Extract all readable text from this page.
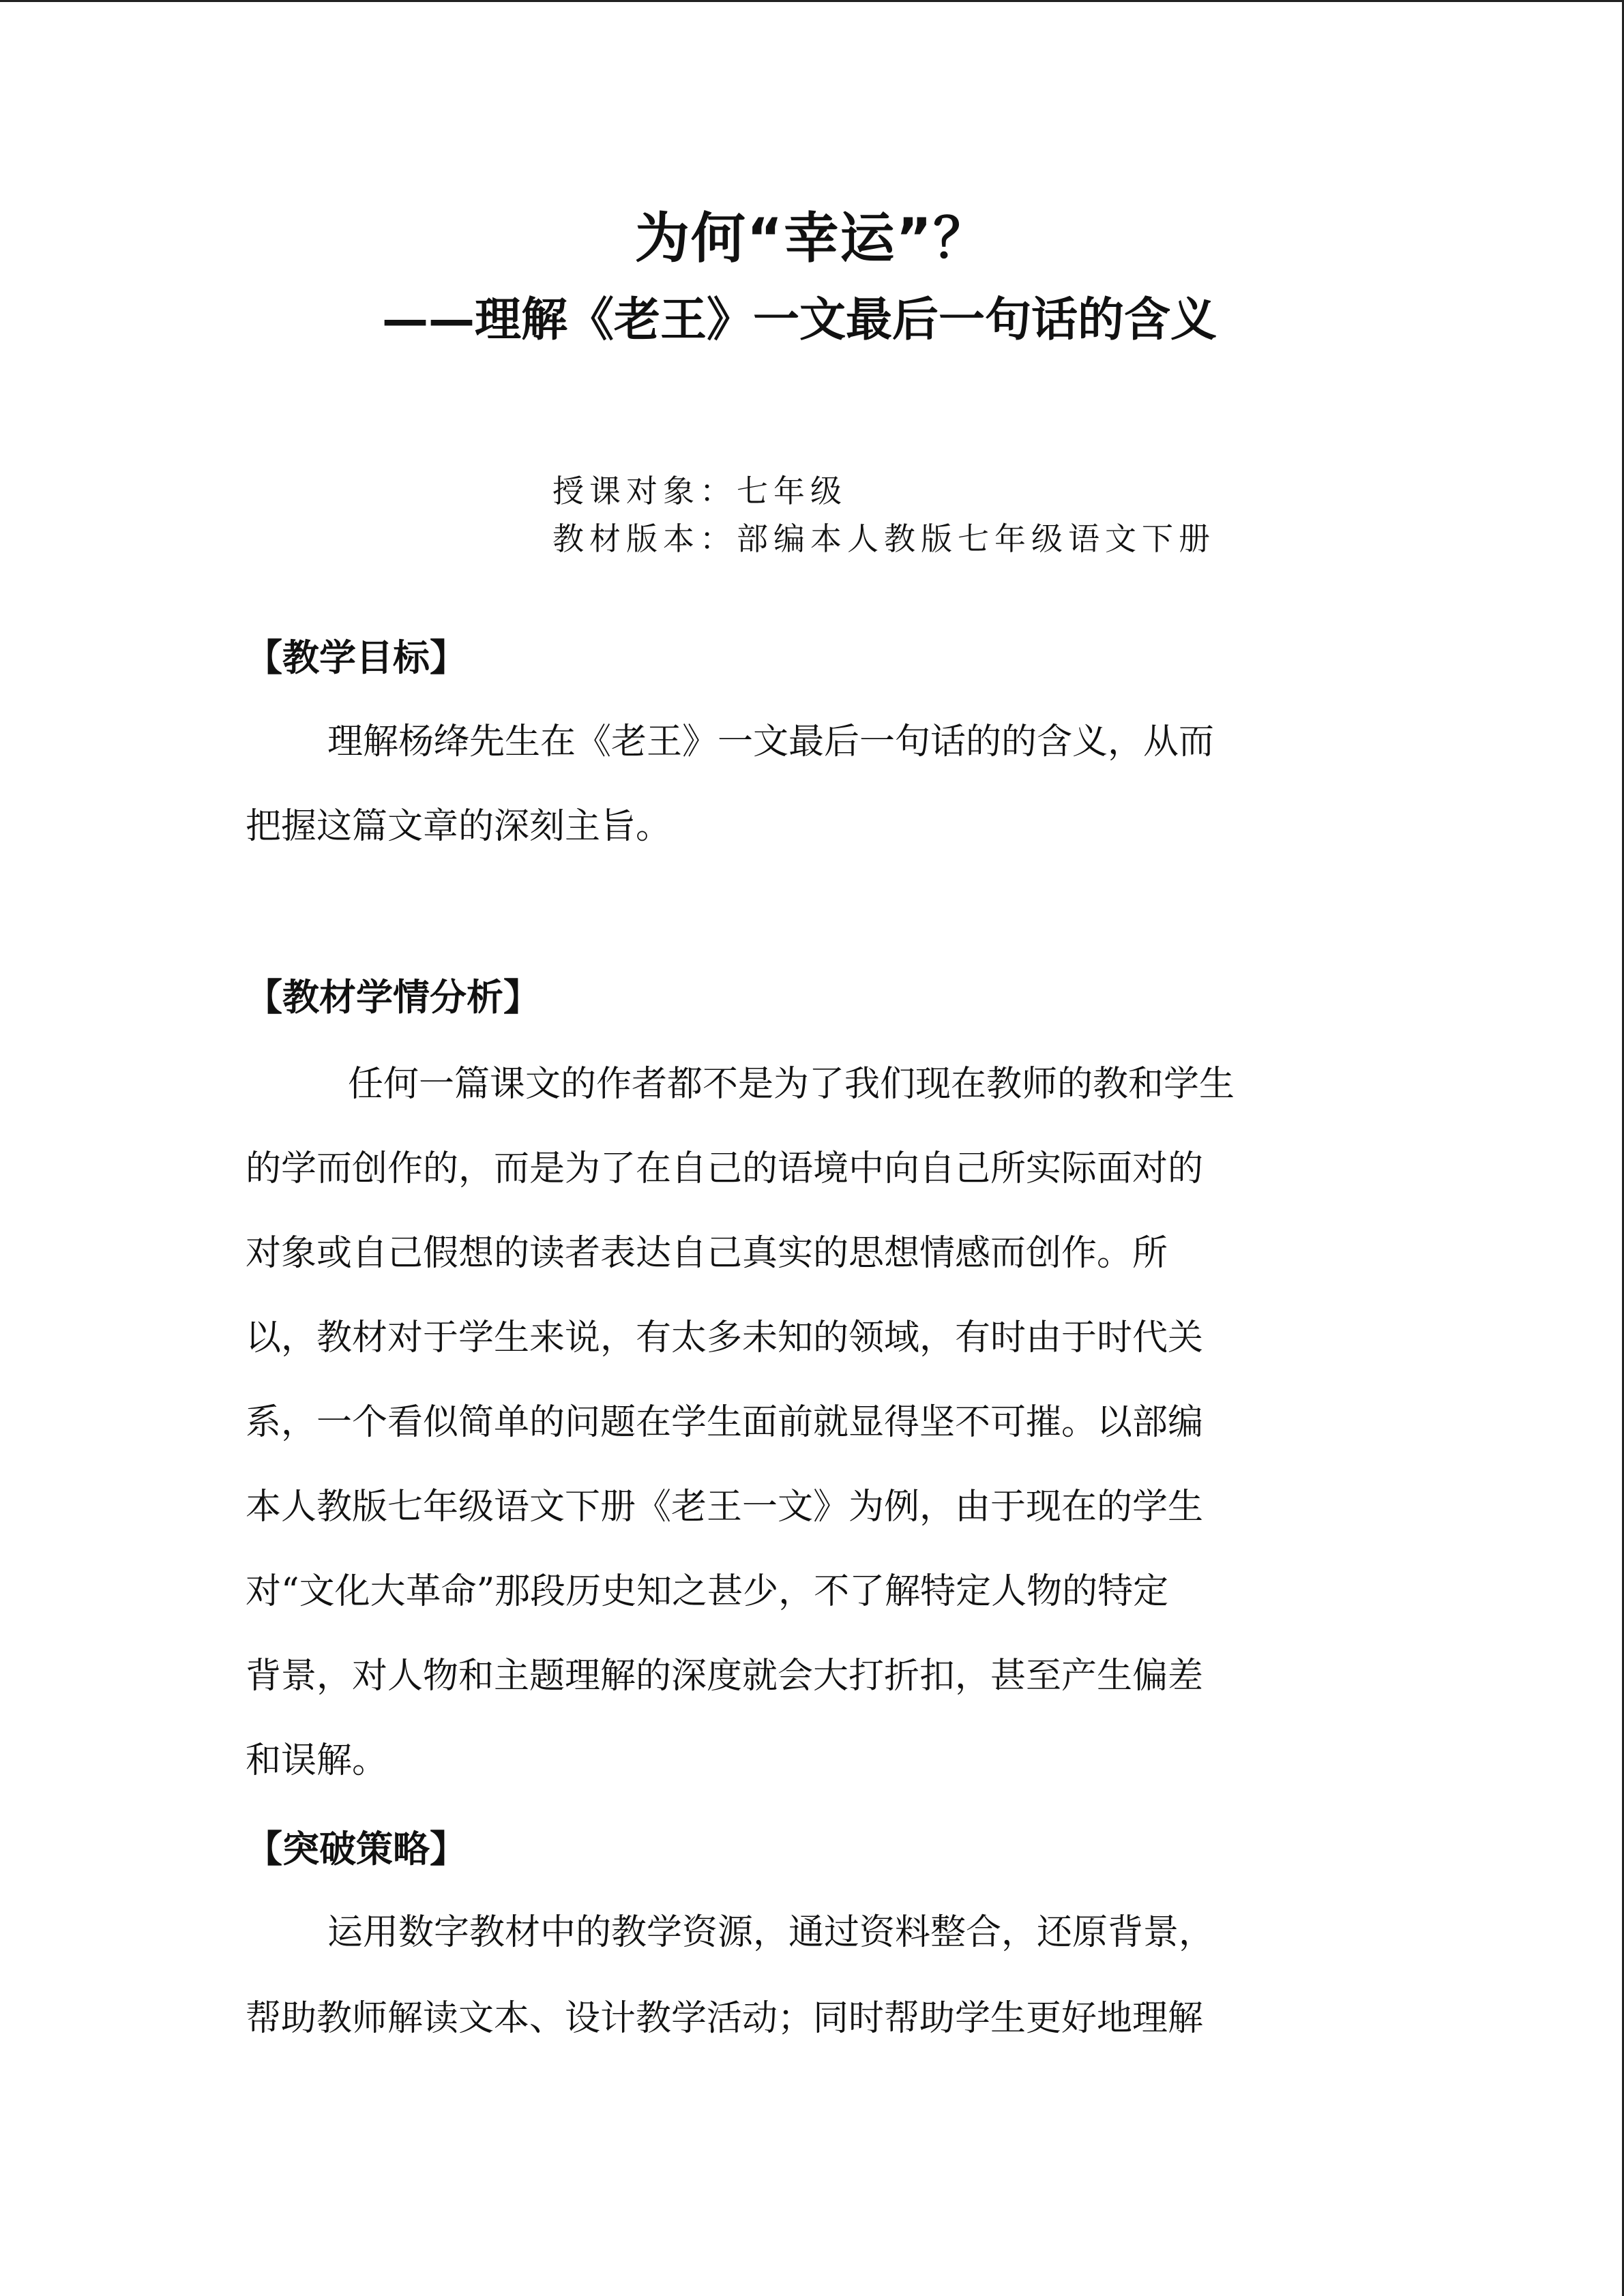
为何“幸运”？
——理解《老王》一文最后一句话的含义
授课对象：七年级
教材版本：部编本人教版七年级语文下册
【教学目标】
理解杨绛先生在《老王》一文最后一句话的的含义，从而
把握这篇文章的深刻主旨。
【教材学情分析】
任何一篇课文的作者都不是为了我们现在教师的教和学生
的学而创作的，而是为了在自己的语境中向自己所实际面对的
对象或自己假想的读者表达自己真实的思想情感而创作。所
以，教材对于学生来说，有太多未知的领域，有时由于时代关
系，一个看似简单的问题在学生面前就显得坚不可摧。以部编
本人教版七年级语文下册《老王一文》为例，由于现在的学生
对“文化大革命”那段历史知之甚少，不了解特定人物的特定
背景，对人物和主题理解的深度就会大打折扣，甚至产生偏差
和误解。
【突破策略】
运用数字教材中的教学资源，通过资料整合，还原背景，
帮助教师解读文本、设计教学活动；同时帮助学生更好地理解
